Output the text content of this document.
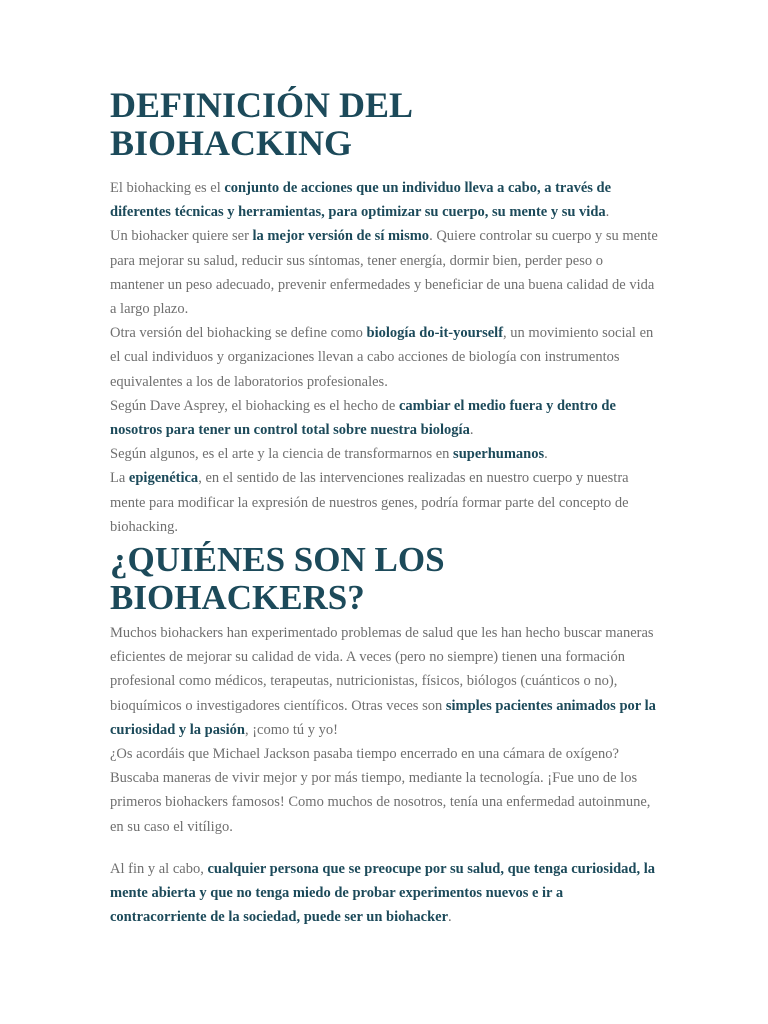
DEFINICIÓN DEL BIOHACKING

El biohacking es el conjunto de acciones que un individuo lleva a cabo, a través de diferentes técnicas y herramientas, para optimizar su cuerpo, su mente y su vida.

Un biohacker quiere ser la mejor versión de sí mismo. Quiere controlar su cuerpo y su mente para mejorar su salud, reducir sus síntomas, tener energía, dormir bien, perder peso o mantener un peso adecuado, prevenir enfermedades y beneficiar de una buena calidad de vida a largo plazo.

Otra versión del biohacking se define como biología do-it-yourself, un movimiento social en el cual individuos y organizaciones llevan a cabo acciones de biología con instrumentos equivalentes a los de laboratorios profesionales.

Según Dave Asprey, el biohacking es el hecho de cambiar el medio fuera y dentro de nosotros para tener un control total sobre nuestra biología.

Según algunos, es el arte y la ciencia de transformarnos en superhumanos.

La epigenética, en el sentido de las intervenciones realizadas en nuestro cuerpo y nuestra mente para modificar la expresión de nuestros genes, podría formar parte del concepto de biohacking.

¿QUIÉNES SON LOS BIOHACKERS?

Muchos biohackers han experimentado problemas de salud que les han hecho buscar maneras eficientes de mejorar su calidad de vida. A veces (pero no siempre) tienen una formación profesional como médicos, terapeutas, nutricionistas, físicos, biólogos (cuánticos o no), bioquímicos o investigadores científicos. Otras veces son simples pacientes animados por la curiosidad y la pasión, ¡como tú y yo!

¿Os acordáis que Michael Jackson pasaba tiempo encerrado en una cámara de oxígeno? Buscaba maneras de vivir mejor y por más tiempo, mediante la tecnología. ¡Fue uno de los primeros biohackers famosos! Como muchos de nosotros, tenía una enfermedad autoinmune, en su caso el vitíligo.

Al fin y al cabo, cualquier persona que se preocupe por su salud, que tenga curiosidad, la mente abierta y que no tenga miedo de probar experimentos nuevos e ir a contracorriente de la sociedad, puede ser un biohacker.
